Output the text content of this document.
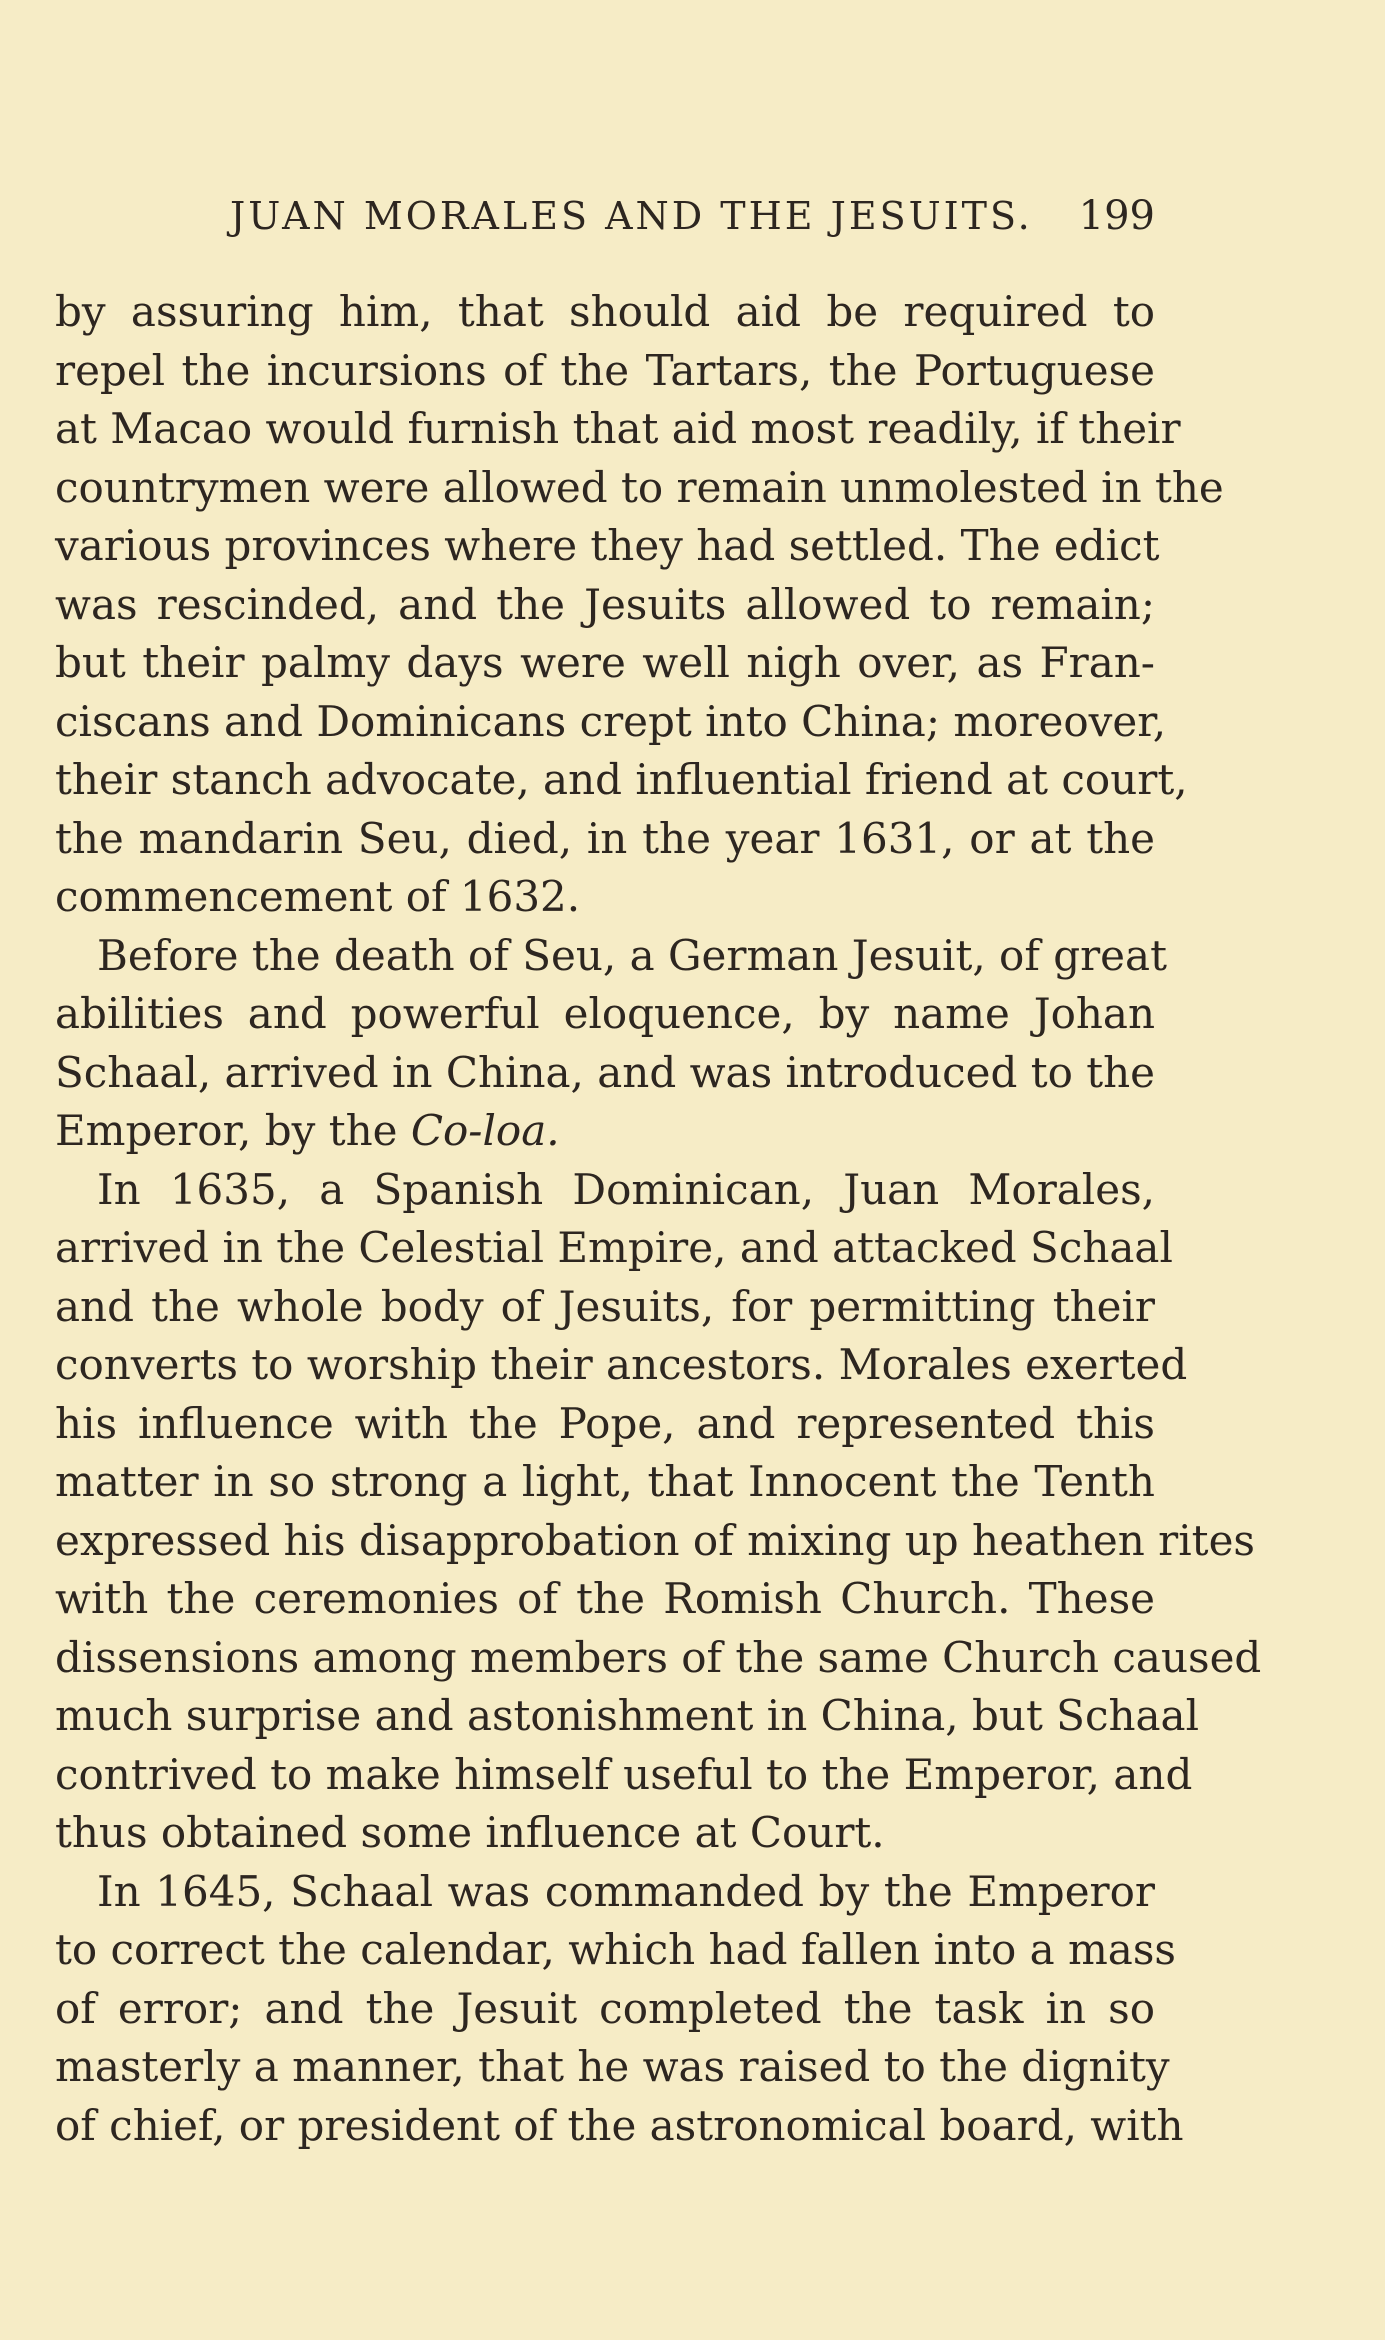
JUAN MORALES AND THE JESUITS. 199
by assuring him, that should aid be required to
repel the incursions of the Tartars, the Portuguese
at Macao would furnish that aid most readily, if their
countrymen were allowed to remain unmolested in the
various provinces where they had settled. The edict
was rescinded, and the Jesuits allowed to remain;
but their palmy days were well nigh over, as Fran-
ciscans and Dominicans crept into China; moreover,
their stanch advocate, and influential friend at court,
the mandarin Seu, died, in the year 1631, or at the
commencement of 1632.
Before the death of Seu, a German Jesuit, of great
abilities and powerful eloquence, by name Johan
Schaal, arrived in China, and was introduced to the
Emperor, by the Co-loa.
In 1635, a Spanish Dominican, Juan Morales,
arrived in the Celestial Empire, and attacked Schaal
and the whole body of Jesuits, for permitting their
converts to worship their ancestors. Morales exerted
his influence with the Pope, and represented this
matter in so strong a light, that Innocent the Tenth
expressed his disapprobation of mixing up heathen rites
with the ceremonies of the Romish Church. These
dissensions among members of the same Church caused
much surprise and astonishment in China, but Schaal
contrived to make himself useful to the Emperor, and
thus obtained some influence at Court.
In 1645, Schaal was commanded by the Emperor
to correct the calendar, which had fallen into a mass
of error; and the Jesuit completed the task in so
masterly a manner, that he was raised to the dignity
of chief, or president of the astronomical board, with
